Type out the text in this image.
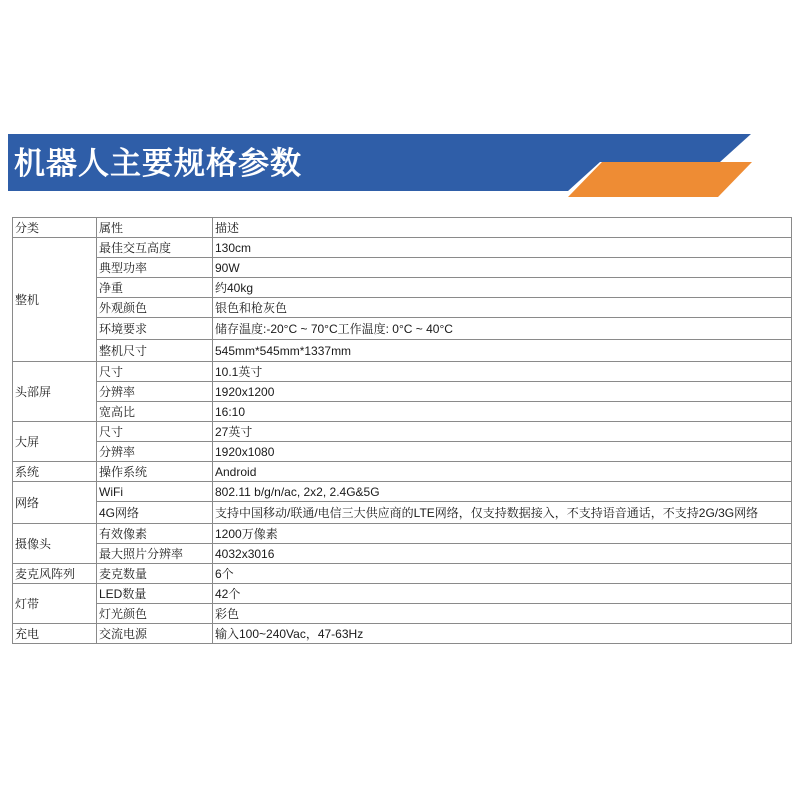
机器人主要规格参数
分类	属性	描述
整机	最佳交互高度	130cm
	典型功率	90W
	净重	约40kg
	外观颜色	银色和枪灰色
	环境要求	储存温度:-20°C ~ 70°C工作温度: 0°C ~ 40°C
	整机尺寸	545mm*545mm*1337mm
头部屏	尺寸	10.1英寸
	分辨率	1920x1200
	宽高比	16:10
大屏	尺寸	27英寸
	分辨率	1920x1080
系统	操作系统	Android
网络	WiFi	802.11 b/g/n/ac, 2x2, 2.4G&5G
	4G网络	支持中国移动/联通/电信三大供应商的LTE网络，仅支持数据接入，不支持语音通话，不支持2G/3G网络
摄像头	有效像素	1200万像素
	最大照片分辨率	4032x3016
麦克风阵列	麦克数量	6个
灯带	LED数量	42个
	灯光颜色	彩色
充电	交流电源	输入100~240Vac，47-63Hz
